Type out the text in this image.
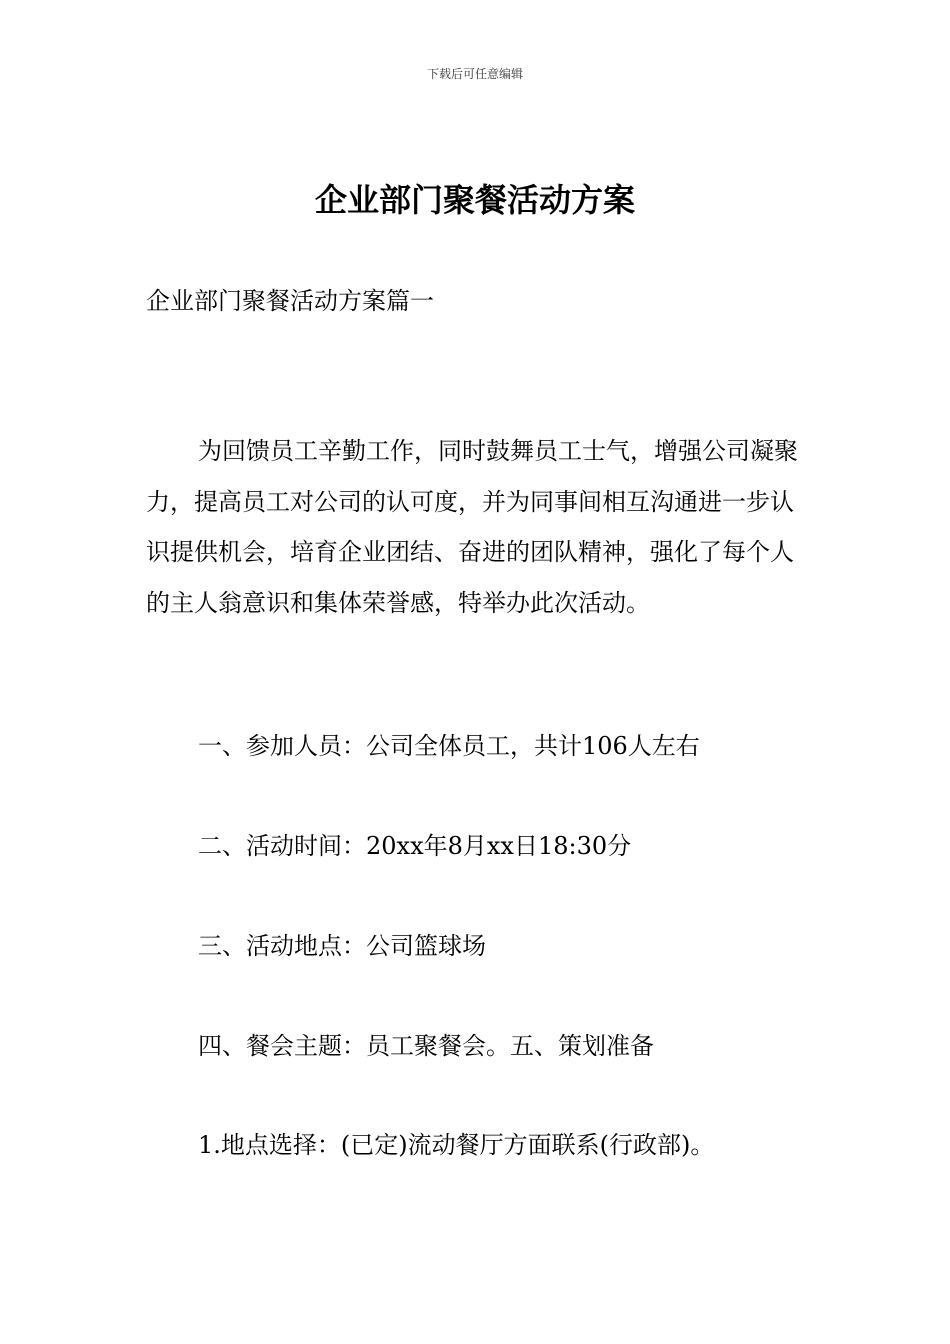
下载后可任意编辑
企业部门聚餐活动方案
企业部门聚餐活动方案篇一

为回馈员工辛勤工作，同时鼓舞员工士气，增强公司凝聚力，提高员工对公司的认可度，并为同事间相互沟通进一步认识提供机会，培育企业团结、奋进的团队精神，强化了每个人的主人翁意识和集体荣誉感，特举办此次活动。

一、参加人员：公司全体员工，共计106人左右

二、活动时间：20xx年8月xx日18:30分

三、活动地点：公司篮球场

四、餐会主题：员工聚餐会。五、策划准备

1.地点选择：(已定)流动餐厅方面联系(行政部)。
